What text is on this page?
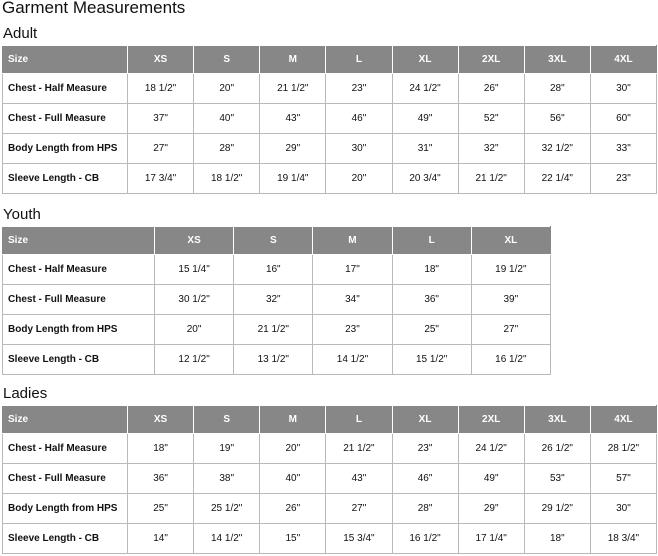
Garment Measurements
Adult
Size	XS	S	M	L	XL	2XL	3XL	4XL
Chest - Half Measure	18 1/2"	20"	21 1/2"	23"	24 1/2"	26"	28"	30"
Chest - Full Measure	37"	40"	43"	46"	49"	52"	56"	60"
Body Length from HPS	27"	28"	29"	30"	31"	32"	32 1/2"	33"
Sleeve Length - CB	17 3/4"	18 1/2"	19 1/4"	20"	20 3/4"	21 1/2"	22 1/4"	23"
Youth
Size	XS	S	M	L	XL
Chest - Half Measure	15 1/4"	16"	17"	18"	19 1/2"
Chest - Full Measure	30 1/2"	32"	34"	36"	39"
Body Length from HPS	20"	21 1/2"	23"	25"	27"
Sleeve Length - CB	12 1/2"	13 1/2"	14 1/2"	15 1/2"	16 1/2"
Ladies
Size	XS	S	M	L	XL	2XL	3XL	4XL
Chest - Half Measure	18"	19"	20"	21 1/2"	23"	24 1/2"	26 1/2"	28 1/2"
Chest - Full Measure	36"	38"	40"	43"	46"	49"	53"	57"
Body Length from HPS	25"	25 1/2"	26"	27"	28"	29"	29 1/2"	30"
Sleeve Length - CB	14"	14 1/2"	15"	15 3/4"	16 1/2"	17 1/4"	18"	18 3/4"
